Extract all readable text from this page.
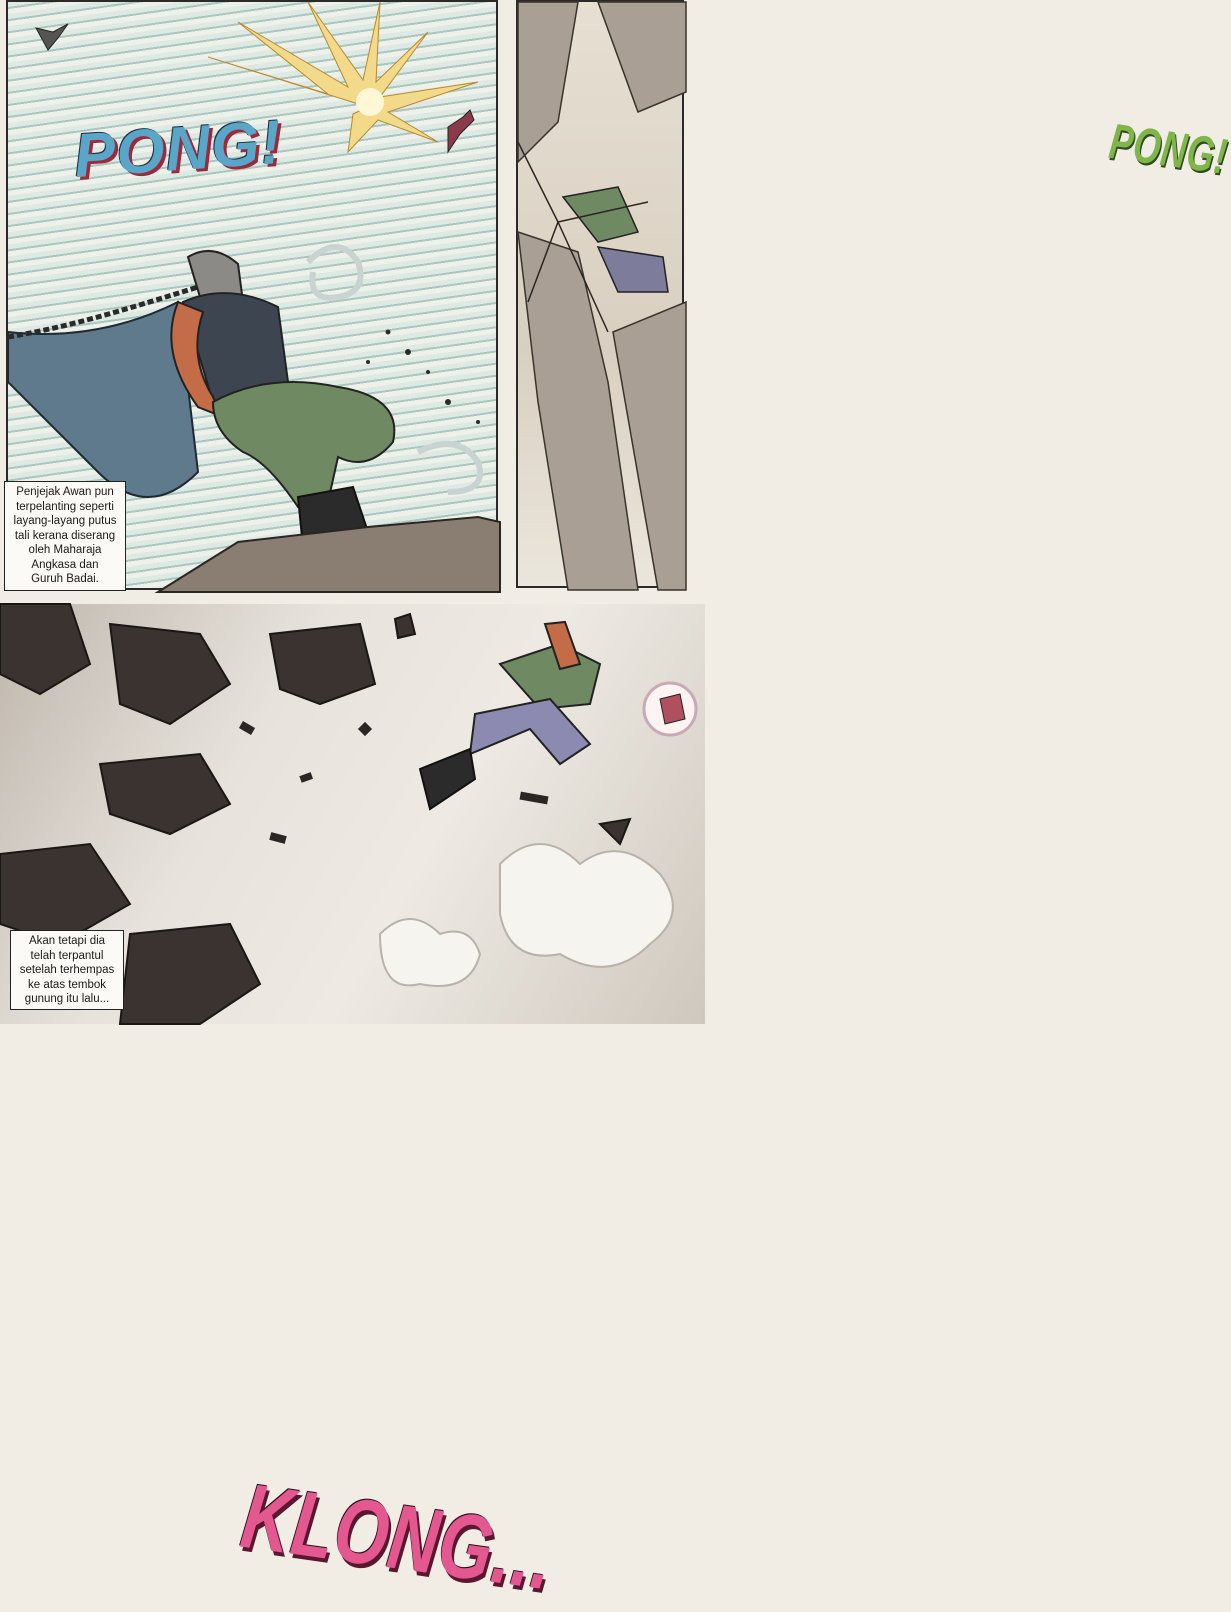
PONG!	PONG!
KLONG...
Penjejak Awan pun
terpelanting seperti
layang-layang putus
tali kerana diserang
oleh Maharaja
Angkasa dan
Guruh Badai.
Akan tetapi dia
telah terpantul
setelah terhempas
ke atas tembok
gunung itu lalu...
